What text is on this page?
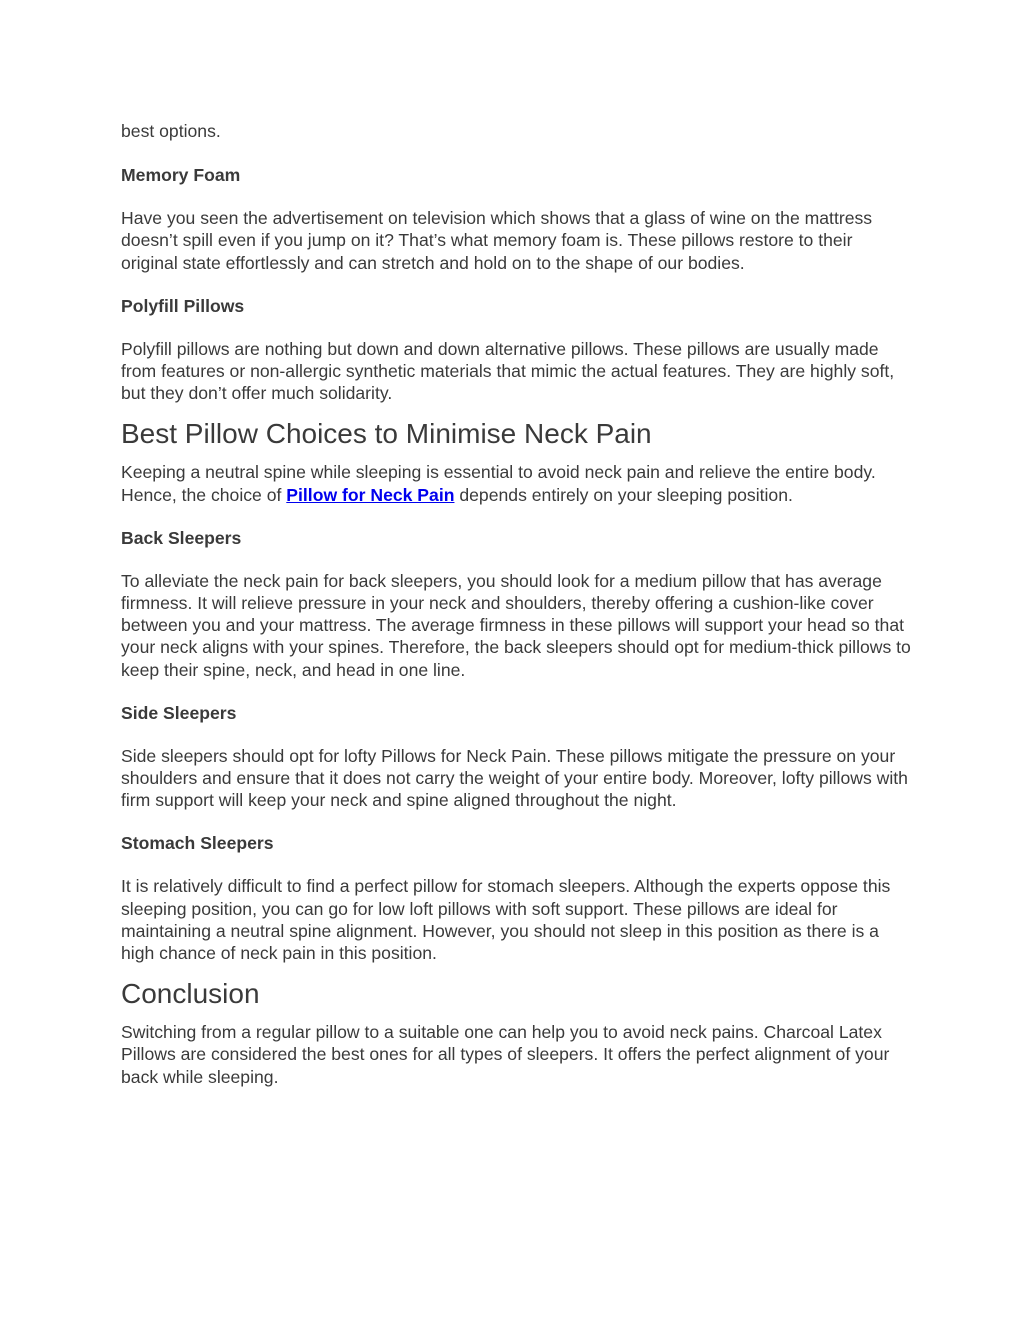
best options.

Memory Foam

Have you seen the advertisement on television which shows that a glass of wine on the mattress doesn’t spill even if you jump on it? That’s what memory foam is. These pillows restore to their original state effortlessly and can stretch and hold on to the shape of our bodies.

Polyfill Pillows

Polyfill pillows are nothing but down and down alternative pillows. These pillows are usually made from features or non-allergic synthetic materials that mimic the actual features. They are highly soft, but they don’t offer much solidarity.

Best Pillow Choices to Minimise Neck Pain

Keeping a neutral spine while sleeping is essential to avoid neck pain and relieve the entire body. Hence, the choice of Pillow for Neck Pain depends entirely on your sleeping position.

Back Sleepers

To alleviate the neck pain for back sleepers, you should look for a medium pillow that has average firmness. It will relieve pressure in your neck and shoulders, thereby offering a cushion-like cover between you and your mattress. The average firmness in these pillows will support your head so that your neck aligns with your spines. Therefore, the back sleepers should opt for medium-thick pillows to keep their spine, neck, and head in one line.

Side Sleepers

Side sleepers should opt for lofty Pillows for Neck Pain. These pillows mitigate the pressure on your shoulders and ensure that it does not carry the weight of your entire body. Moreover, lofty pillows with firm support will keep your neck and spine aligned throughout the night.

Stomach Sleepers

It is relatively difficult to find a perfect pillow for stomach sleepers. Although the experts oppose this sleeping position, you can go for low loft pillows with soft support. These pillows are ideal for maintaining a neutral spine alignment. However, you should not sleep in this position as there is a high chance of neck pain in this position.

Conclusion

Switching from a regular pillow to a suitable one can help you to avoid neck pains. Charcoal Latex Pillows are considered the best ones for all types of sleepers. It offers the perfect alignment of your back while sleeping.
